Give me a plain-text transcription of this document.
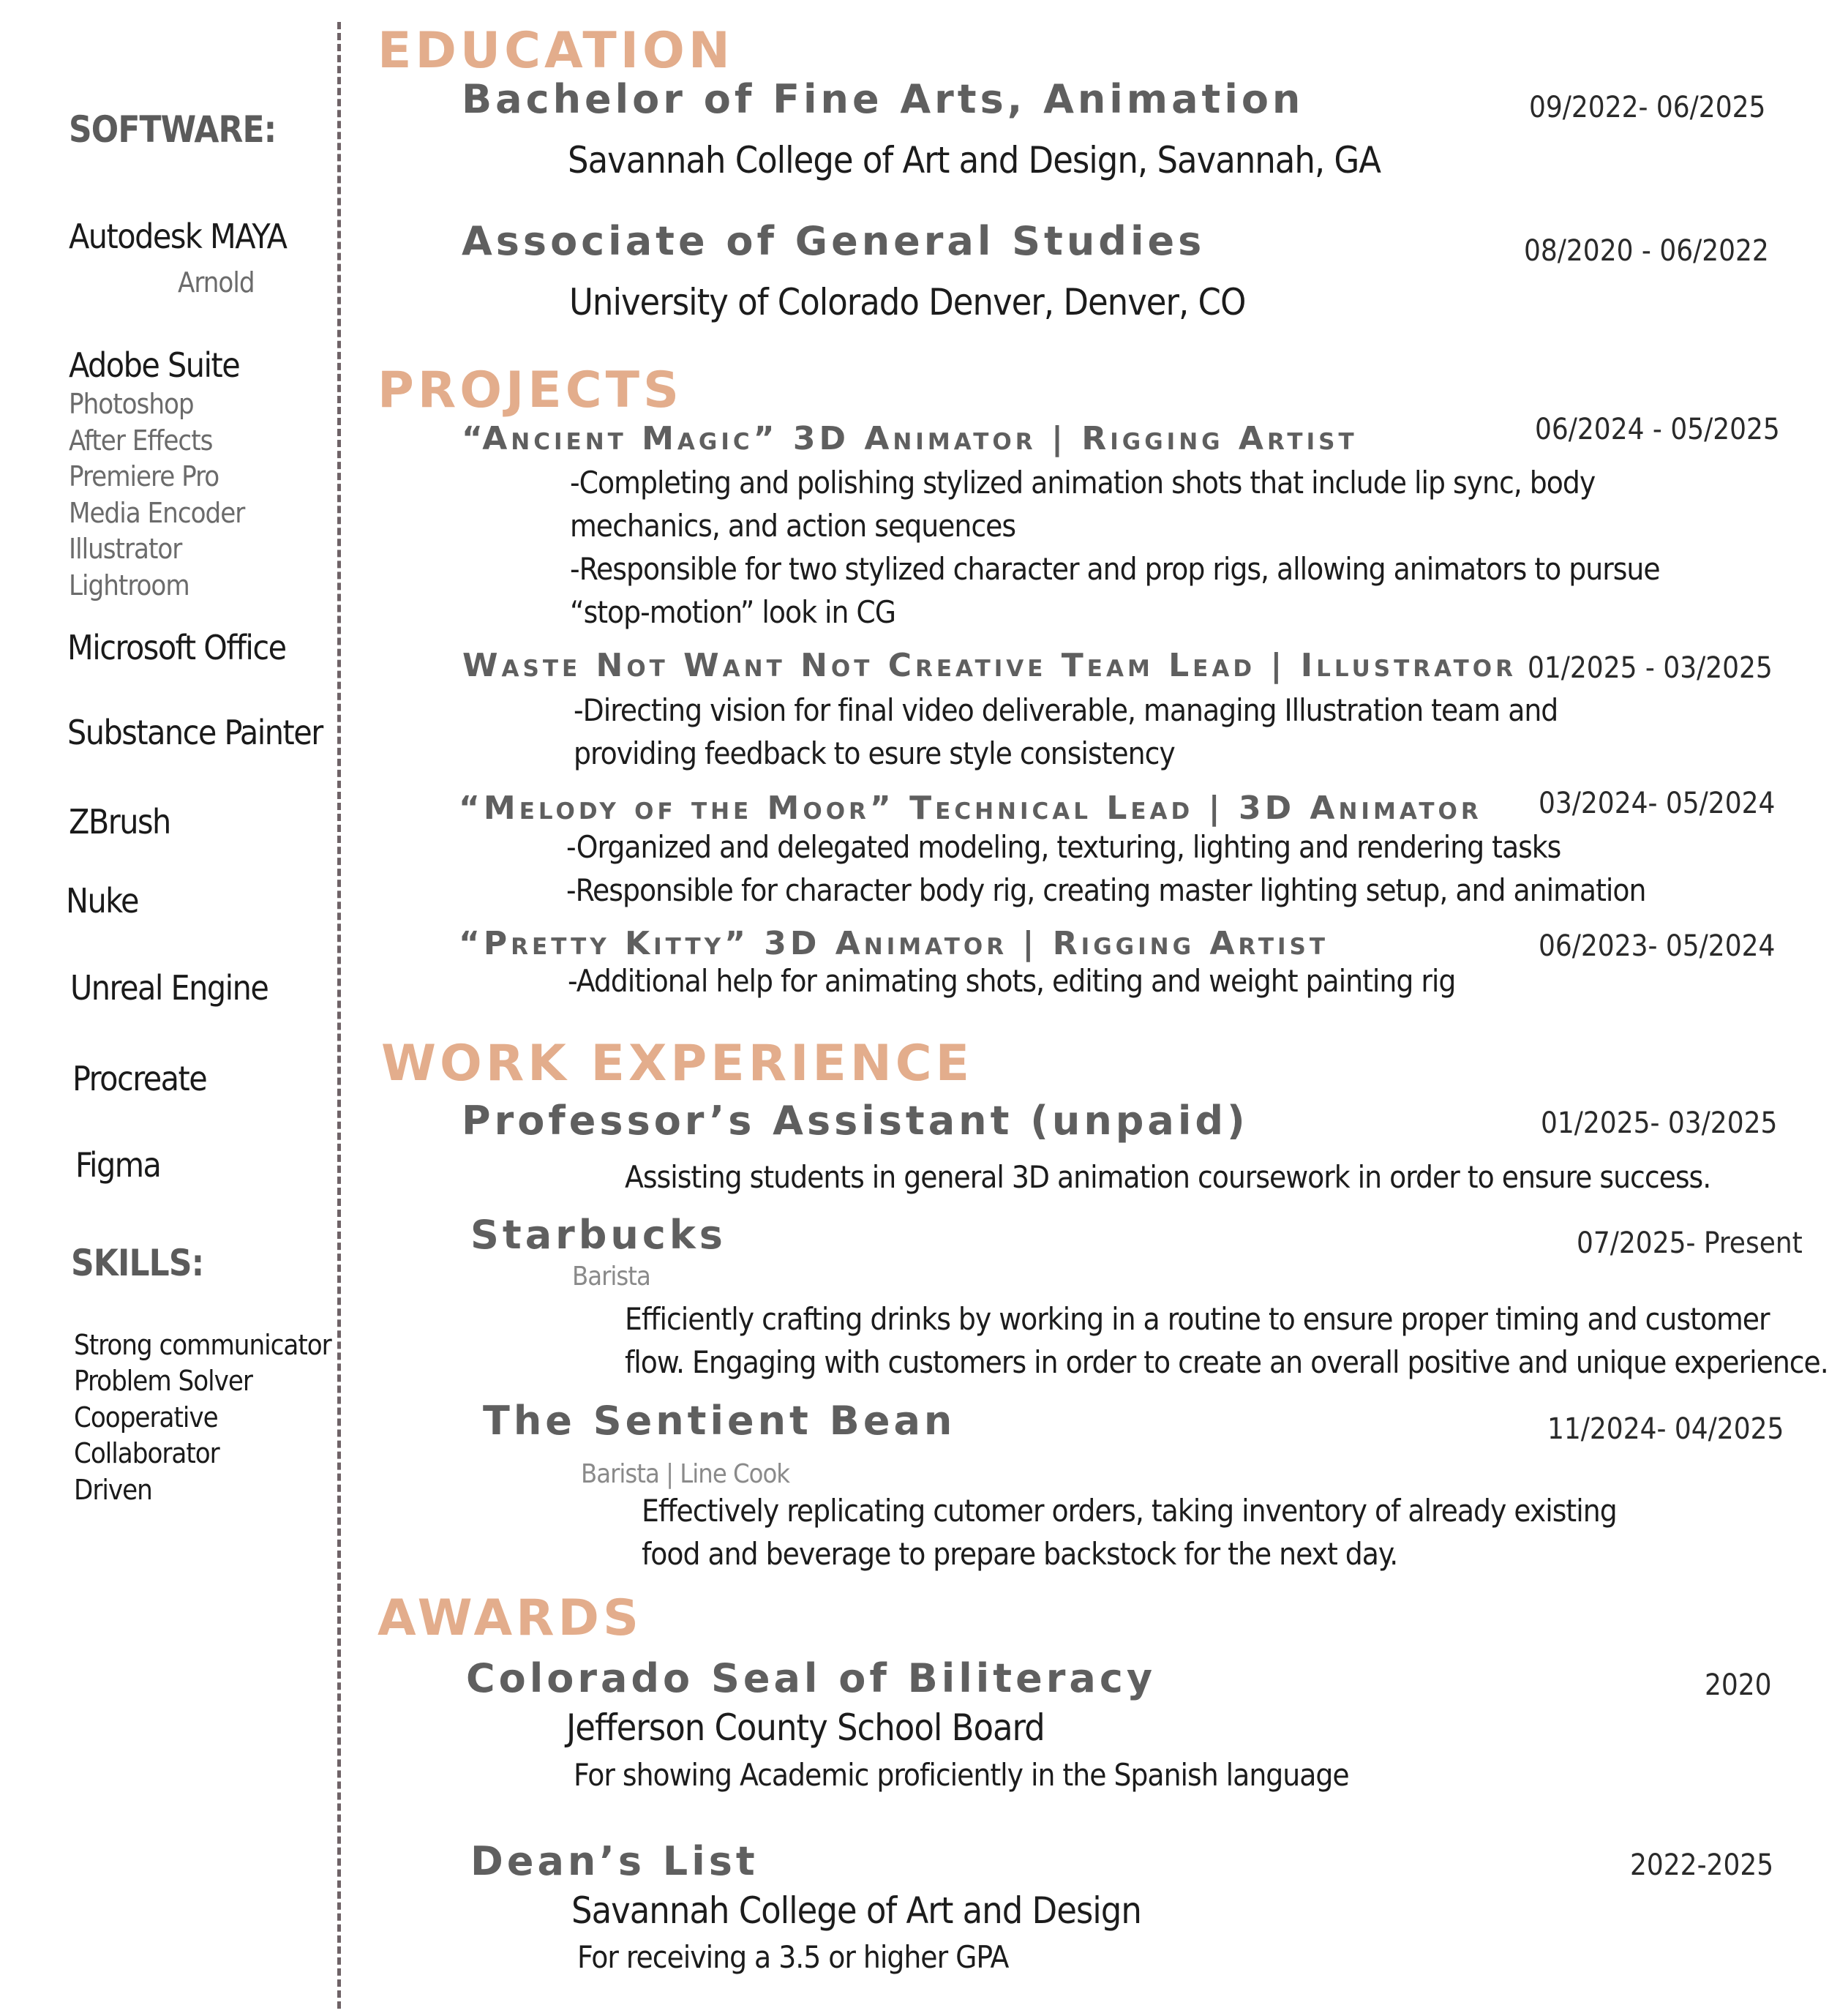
SOFTWARE:
Autodesk MAYA
Arnold
Adobe Suite
Photoshop
After Effects
Premiere Pro
Media Encoder
Illustrator
Lightroom
Microsoft Office
Substance Painter
ZBrush
Nuke
Unreal Engine
Procreate
Figma
SKILLS:
Strong communicator
Problem Solver
Cooperative
Collaborator
Driven
EDUCATION
Bachelor of Fine Arts, Animation	09/2022- 06/2025
Savannah College of Art and Design, Savannah, GA
Associate of General Studies	08/2020 - 06/2022
University of Colorado Denver, Denver, CO
PROJECTS
“Ancient Magic” 3D Animator | Rigging Artist	06/2024 - 05/2025
-Completing and polishing stylized animation shots that include lip sync, body
mechanics, and action sequences
-Responsible for two stylized character and prop rigs, allowing animators to pursue
“stop-motion” look in CG
Waste Not Want Not Creative Team Lead | Illustrator 01/2025 - 03/2025
-Directing vision for final video deliverable, managing Illustration team and
providing feedback to esure style consistency
“Melody of the Moor” Technical Lead | 3D Animator 03/2024- 05/2024
-Organized and delegated modeling, texturing, lighting and rendering tasks
-Responsible for character body rig, creating master lighting setup, and animation
“Pretty Kitty” 3D Animator | Rigging Artist	06/2023- 05/2024
-Additional help for animating shots, editing and weight painting rig
WORK EXPERIENCE
Professor’s Assistant (unpaid)	01/2025- 03/2025
Assisting students in general 3D animation coursework in order to ensure success.
Starbucks	07/2025- Present
Barista
Efficiently crafting drinks by working in a routine to ensure proper timing and customer
flow. Engaging with customers in order to create an overall positive and unique experience.
The Sentient Bean	11/2024- 04/2025
Barista | Line Cook
Effectively replicating cutomer orders, taking inventory of already existing
food and beverage to prepare backstock for the next day.
AWARDS
Colorado Seal of Biliteracy	2020
Jefferson County School Board
For showing Academic proficiently in the Spanish language
Dean’s List	2022-2025
Savannah College of Art and Design
For receiving a 3.5 or higher GPA
